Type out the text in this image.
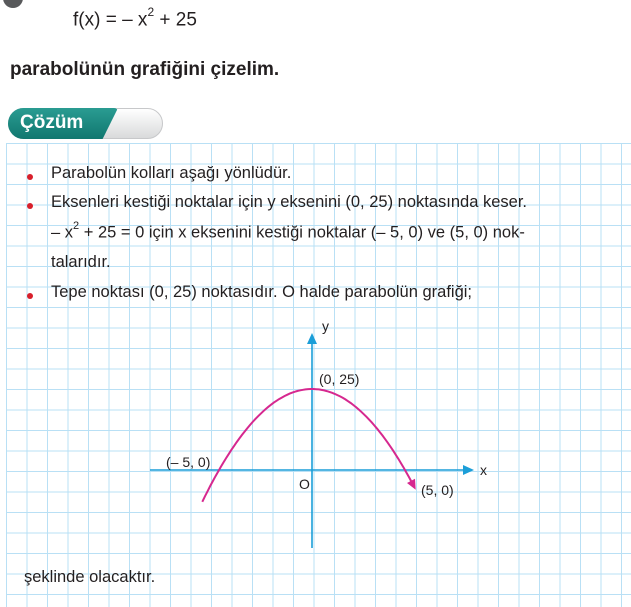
f(x) = – $x^2 + 25$
parabolünün grafiğini çizelim.
Çözüm
Parabolün kolları aşağı yönlüdür.
Eksenleri kestiği noktalar için y eksenini (0, 25) noktasında keser.
– $x^2 + 25 = 0$ için x eksenini kestiği noktalar (– 5, 0) ve (5, 0) nok-
talarıdır.
Tepe noktası (0, 25) noktasıdır. O halde parabolün grafiği;
y
x
O
(0, 25)
(– 5, 0)
(5, 0)
şeklinde olacaktır.
